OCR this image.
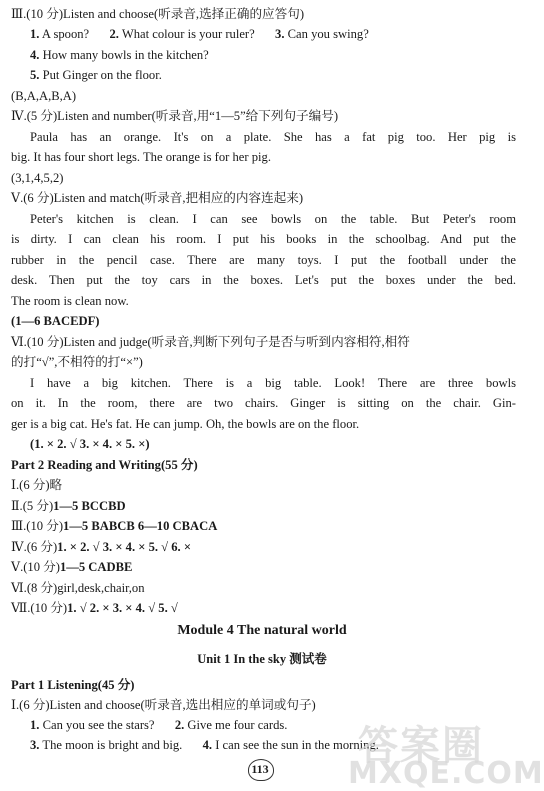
Ⅲ.(10 分)Listen and choose(听录音,选择正确的应答句)
1. A spoon? 2. What colour is your ruler? 3. Can you swing?
4. How many bowls in the kitchen?
5. Put Ginger on the floor.
(B,A,A,B,A)
Ⅳ.(5 分)Listen and number(听录音,用“1—5”给下列句子编号)
Paula has an orange. It's on a plate. She has a fat pig too. Her pig is
big. It has four short legs. The orange is for her pig.
(3,1,4,5,2)
Ⅴ.(6 分)Listen and match(听录音,把相应的内容连起来)
Peter's kitchen is clean. I can see bowls on the table. But Peter's room
is dirty. I can clean his room. I put his books in the schoolbag. And put the
rubber in the pencil case. There are many toys. I put the football under the
desk. Then put the toy cars in the boxes. Let's put the boxes under the bed.
The room is clean now.
(1—6 BACEDF)
Ⅵ.(10 分)Listen and judge(听录音,判断下列句子是否与听到内容相符,相符
的打“√”,不相符的打“×”)
I have a big kitchen. There is a big table. Look! There are three bowls
on it. In the room, there are two chairs. Ginger is sitting on the chair. Gin-
ger is a big cat. He's fat. He can jump. Oh, the bowls are on the floor.
(1. × 2. √ 3. × 4. × 5. ×)
Part 2 Reading and Writing(55 分)
Ⅰ.(6 分)略
Ⅱ.(5 分)1—5 BCCBD
Ⅲ.(10 分)1—5 BABCB 6—10 CBACA
Ⅳ.(6 分)1. × 2. √ 3. × 4. × 5. √ 6. ×
Ⅴ.(10 分)1—5 CADBE
Ⅵ.(8 分)girl,desk,chair,on
Ⅶ.(10 分)1. √ 2. × 3. × 4. √ 5. √
Module 4 The natural world
Unit 1 In the sky 测试卷
Part 1 Listening(45 分)
Ⅰ.(6 分)Listen and choose(听录音,选出相应的单词或句子)
1. Can you see the stars? 2. Give me four cards.
3. The moon is bright and big. 4. I can see the sun in the morning.
113 答案圈
MXQE.COM
